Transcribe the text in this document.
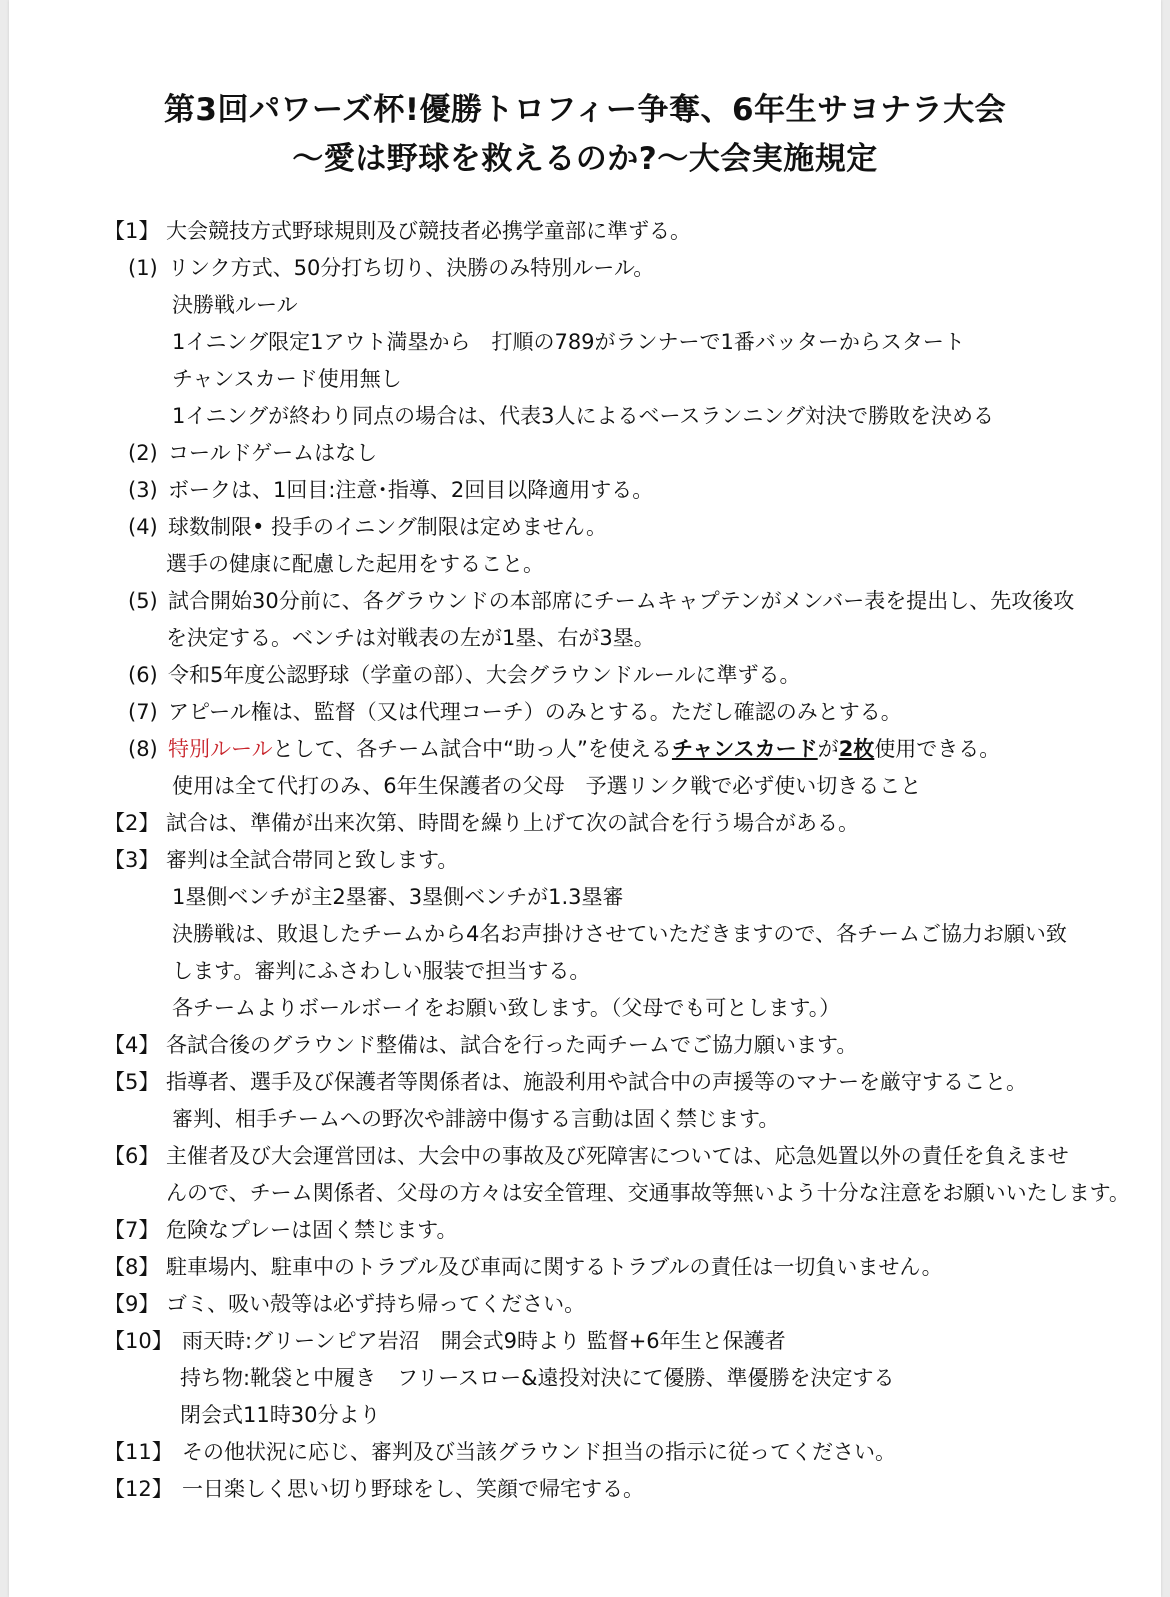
第3回パワーズ杯!優勝トロフィー争奪、6年生サヨナラ大会
～愛は野球を救えるのか?～大会実施規定
【1】 大会競技方式野球規則及び競技者必携学童部に準ずる。
(1) リンク方式、50分打ち切り、決勝のみ特別ルール。
決勝戦ルール
1イニング限定1アウト満塁から　打順の789がランナーで1番バッターからスタート
チャンスカード使用無し
1イニングが終わり同点の場合は、代表3人によるベースランニング対決で勝敗を決める
(2) コールドゲームはなし
(3) ボークは、1回目:注意･指導、2回目以降適用する。
(4) 球数制限• 投手のイニング制限は定めません。
選手の健康に配慮した起用をすること。
(5) 試合開始30分前に、各グラウンドの本部席にチームキャプテンがメンバー表を提出し、先攻後攻
を決定する。ベンチは対戦表の左が1塁、右が3塁。
(6) 令和5年度公認野球（学童の部）、大会グラウンドルールに準ずる。
(7) アピール権は、監督（又は代理コーチ）のみとする。ただし確認のみとする。
(8) 特別ルールとして、各チーム試合中“助っ人”を使えるチャンスカードが2枚使用できる。
使用は全て代打のみ、6年生保護者の父母　予選リンク戦で必ず使い切きること
【2】 試合は、準備が出来次第、時間を繰り上げて次の試合を行う場合がある。
【3】 審判は全試合帯同と致します。
1塁側ベンチが主2塁審、3塁側ベンチが1.3塁審
決勝戦は、敗退したチームから4名お声掛けさせていただきますので、各チームご協力お願い致
します。審判にふさわしい服装で担当する。
各チームよりボールボーイをお願い致します。（父母でも可とします。）
【4】 各試合後のグラウンド整備は、試合を行った両チームでご協力願います。
【5】 指導者、選手及び保護者等関係者は、施設利用や試合中の声援等のマナーを厳守すること。
審判、相手チームへの野次や誹謗中傷する言動は固く禁じます。
【6】 主催者及び大会運営団は、大会中の事故及び死障害については、応急処置以外の責任を負えませ
んので、チーム関係者、父母の方々は安全管理、交通事故等無いよう十分な注意をお願いいたします。
【7】 危険なプレーは固く禁じます。
【8】 駐車場内、駐車中のトラブル及び車両に関するトラブルの責任は一切負いません。
【9】 ゴミ、吸い殻等は必ず持ち帰ってください。
【10】 雨天時:グリーンピア岩沼　開会式9時より 監督+6年生と保護者
持ち物:靴袋と中履き　フリースロー&遠投対決にて優勝、準優勝を決定する
閉会式11時30分より
【11】 その他状況に応じ、審判及び当該グラウンド担当の指示に従ってください。
【12】 一日楽しく思い切り野球をし、笑顔で帰宅する。
